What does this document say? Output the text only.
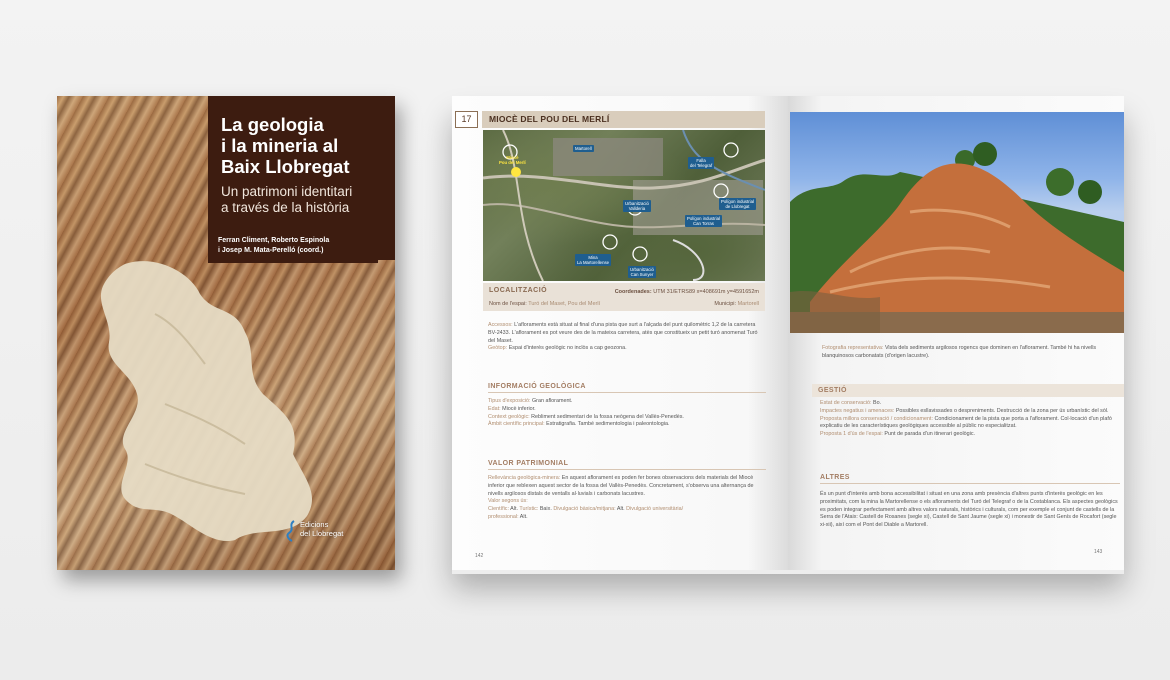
La geologia
i la mineria al
Baix Llobregat
Un patrimoni identitari
a través de la història
Ferran Climent, Roberto Espinola
i Josep M. Mata-Perelló (coord.)
Edicions
del Llobregat
17	MIOCÈ DEL POU DEL MERLÍ
Martorell
Falla
del Telegraf
Urbanització
Vallderia
Polígon industrial
de Llobregat
Polígon industrial
Can Torras
Mina
La Martorellense
Urbanització
Can Sunyer
Miocè
Pou del Merlí
LOCALITZACIÓ	Coordenades: UTM 31/ETRS89 x=408691m y=4591652m
Nom de l'espai: Turó del Maset, Pou del Merlí	Municipi: Martorell
Accessos: L'afloraments està situat al final d'una pista que surt a l'alçada del punt quilomètric 1,2 de la carretera BV-2433. L'aflorament es pot veure des de la mateixa carretera, atès que constitueix un petit turó anomenat Turó del Maset.
Geòtop: Espai d'interès geològic no inclòs a cap geozona.
INFORMACIÓ GEOLÒGICA
Tipus d'exposició: Gran aflorament.
Edat: Miocè inferior.
Context geològic: Rebliment sedimentari de la fossa neògena del Vallès-Penedès.
Àmbit científic principal: Estratigrafia. També sedimentologia i paleontologia.
VALOR PATRIMONIAL
Rellevància geològica-minera: En aquest aflorament es poden fer bones observacions dels materials del Miocè inferior que reblexen aquest sector de la fossa del Vallès-Penedès. Concretament, s'observa una alternança de nivells argilosos distals de ventalls al·luvials i carbonats lacustres.
Valor segons ús:
Científic: Alt. Turístic: Baix. Divulgació bàsica/mitjana: Alt. Divulgació universitària/
professional: Alt.
142
Fotografia representativa: Vista dels sediments argilosos rogencs que dominen en l'aflorament. També hi ha nivells blanquinosos carbonatats (d'origen lacustre).
GESTIÓ
Estat de conservació: Bo.
Impactes negatius i amenaces: Possibles esllavissades o despreniments. Destrucció de la zona per ús urbanístic del sòl.
Proposta millora conservació / condicionament: Condicionament de la pista que porta a l'aflorament. Col·locació d'un plafó explicatiu de les característiques geològiques accessible al públic no especialitzat.
Proposta 1 d'ús de l'espai: Punt de parada d'un itinerari geològic.
ALTRES
És un punt d'interès amb bona accessibilitat i situat en una zona amb presència d'altres punts d'interès geològic en les proximitats, com la mina la Martorellense o els afloraments del Turó del Telegraf o de la Costablanca. Els aspectes geològics es poden integrar perfectament amb altres valors naturals, històrics i culturals, com per exemple el conjunt de castells de la Serra de l'Ataix: Castell de Rosanes (segle xi), Castell de Sant Jaume (segle xi) i monestir de Sant Genís de Rocafort (segle xi-xii), així com el Pont del Diable a Martorell.
143
